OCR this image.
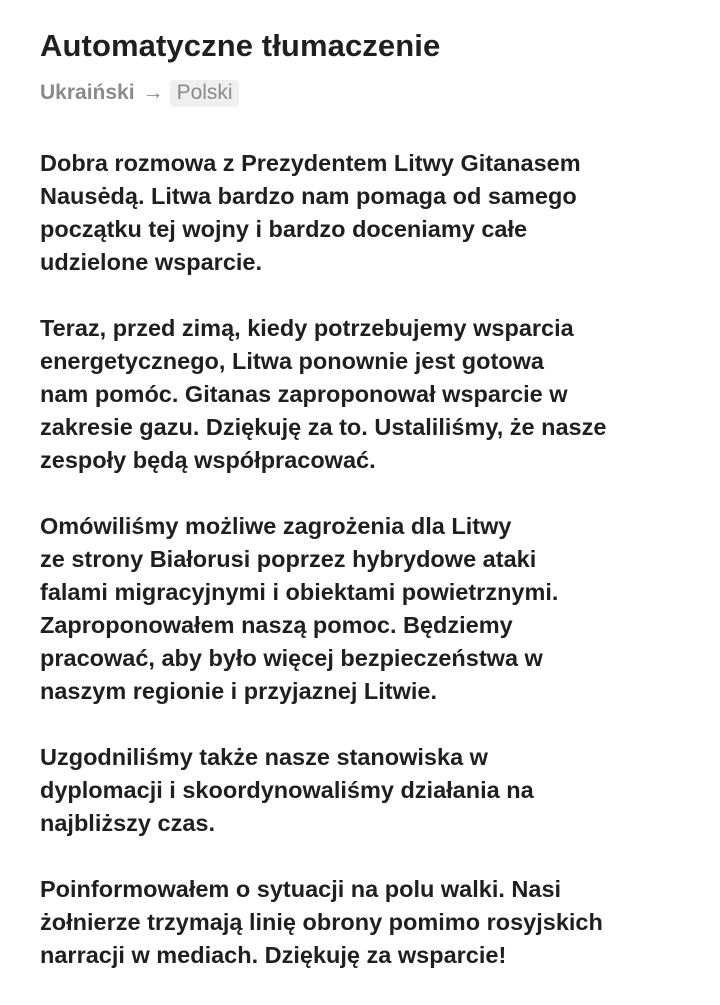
Automatyczne tłumaczenie
Ukraiński → Polski

Dobra rozmowa z Prezydentem Litwy Gitanasem
Nausėdą. Litwa bardzo nam pomaga od samego
początku tej wojny i bardzo doceniamy całe
udzielone wsparcie.

Teraz, przed zimą, kiedy potrzebujemy wsparcia
energetycznego, Litwa ponownie jest gotowa
nam pomóc. Gitanas zaproponował wsparcie w
zakresie gazu. Dziękuję za to. Ustaliliśmy, że nasze
zespoły będą współpracować.

Omówiliśmy możliwe zagrożenia dla Litwy
ze strony Białorusi poprzez hybrydowe ataki
falami migracyjnymi i obiektami powietrznymi.
Zaproponowałem naszą pomoc. Będziemy
pracować, aby było więcej bezpieczeństwa w
naszym regionie i przyjaznej Litwie.

Uzgodniliśmy także nasze stanowiska w
dyplomacji i skoordynowaliśmy działania na
najbliższy czas.

Poinformowałem o sytuacji na polu walki. Nasi
żołnierze trzymają linię obrony pomimo rosyjskich
narracji w mediach. Dziękuję za wsparcie!
